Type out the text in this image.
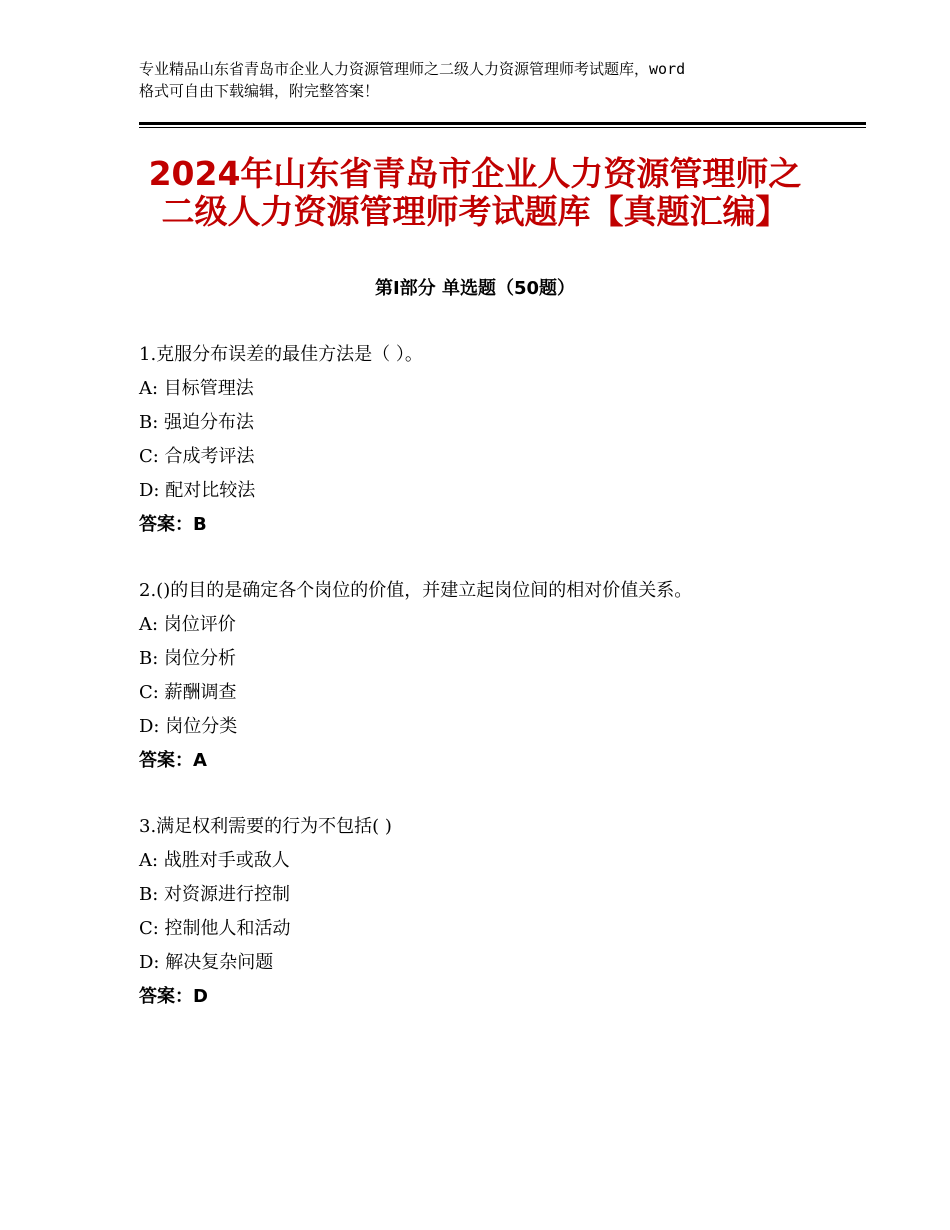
专业精品山东省青岛市企业人力资源管理师之二级人力资源管理师考试题库，word
格式可自由下载编辑，附完整答案！
2024年山东省青岛市企业人力资源管理师之
二级人力资源管理师考试题库【真题汇编】
第Ⅰ部分 单选题（50题）
1.克服分布误差的最佳方法是（ ）。
A: 目标管理法
B: 强迫分布法
C: 合成考评法
D: 配对比较法
答案：B
2.()的目的是确定各个岗位的价值，并建立起岗位间的相对价值关系。
A: 岗位评价
B: 岗位分析
C: 薪酬调查
D: 岗位分类
答案：A
3.满足权利需要的行为不包括( )
A: 战胜对手或敌人
B: 对资源进行控制
C: 控制他人和活动
D: 解决复杂问题
答案：D
